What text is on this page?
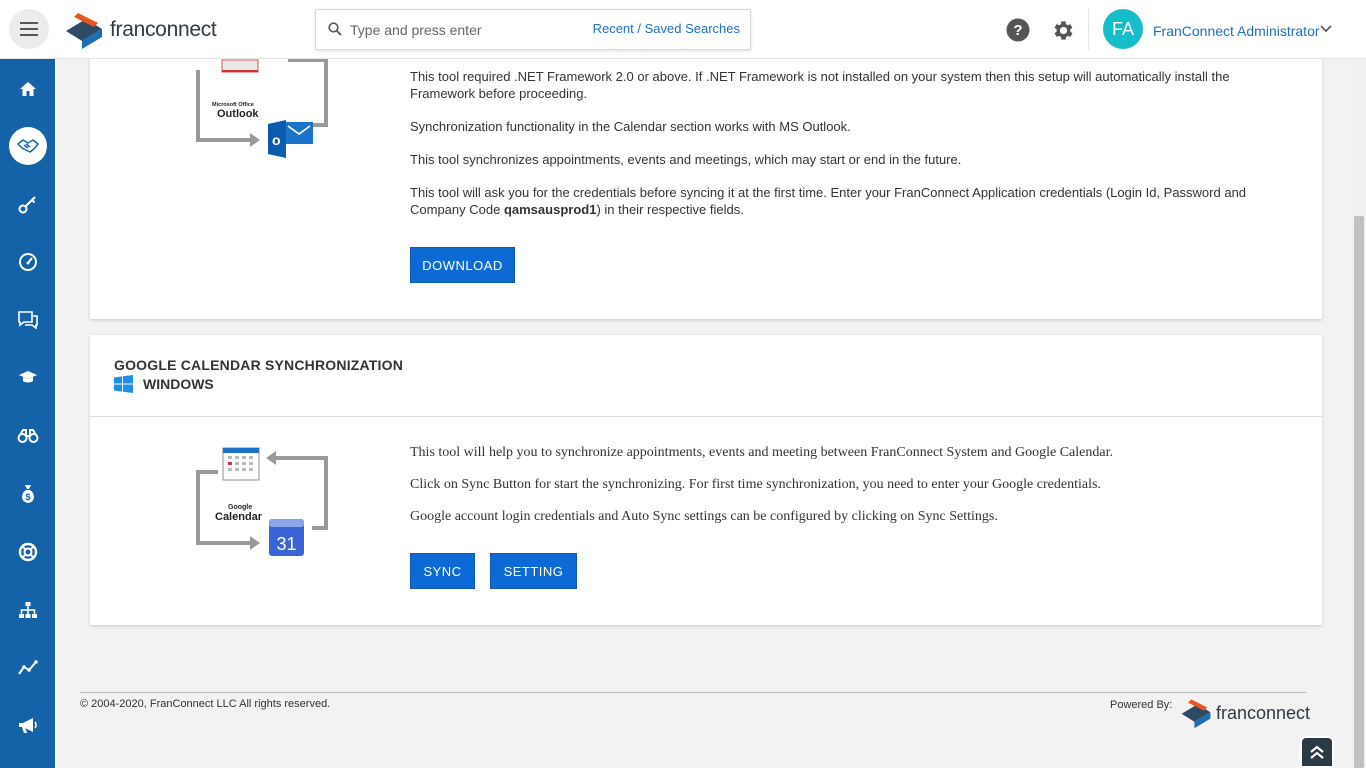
franconnect
Type and press enter	Recent / Saved Searches	?	FA	FranConnect Administrator
$
Microsoft Office
Outlook
o

This tool required .NET Framework 2.0 or above. If .NET Framework is not installed on your system then this setup will automatically install the Framework before proceeding.

Synchronization functionality in the Calendar section works with MS Outlook.

This tool synchronizes appointments, events and meetings, which may start or end in the future.

This tool will ask you for the credentials before syncing it at the first time. Enter your FranConnect Application credentials (Login Id, Password and Company Code qamsausprod1) in their respective fields.

DOWNLOAD
GOOGLE CALENDAR SYNCHRONIZATION
WINDOWS
Google
Calendar
31

This tool will help you to synchronize appointments, events and meeting between FranConnect System and Google Calendar.

Click on Sync Button for start the synchronizing. For first time synchronization, you need to enter your Google credentials.

Google account login credentials and Auto Sync settings can be configured by clicking on Sync Settings.

SYNC	SETTING
© 2004-2020, FranConnect LLC All rights reserved.	Powered By: franconnect
